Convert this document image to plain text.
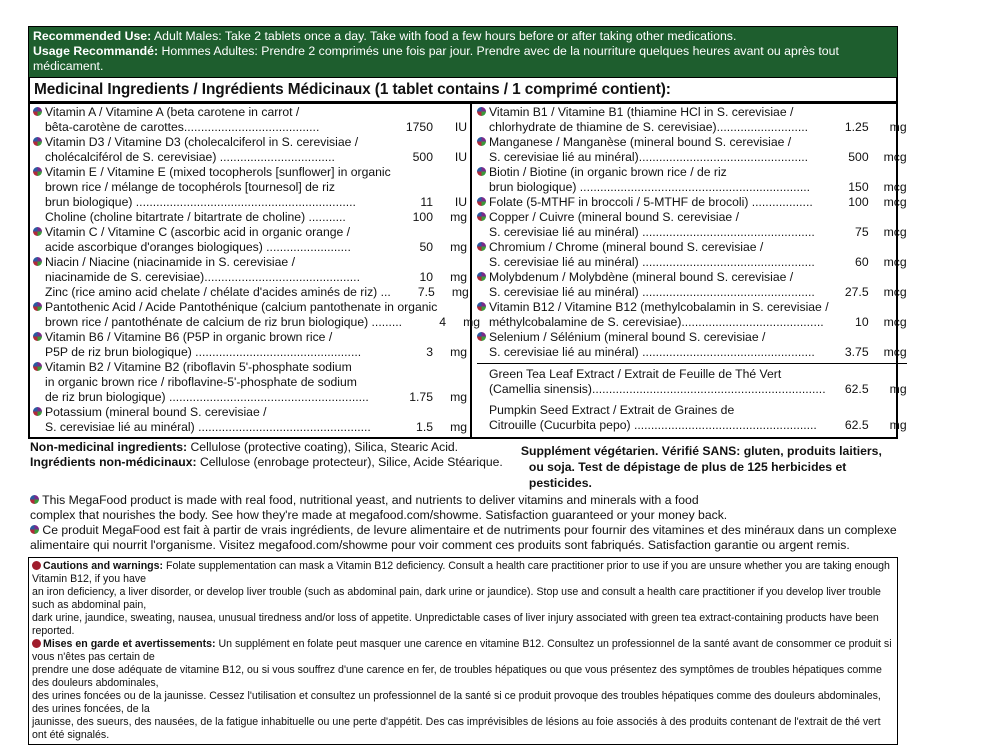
Recommended Use: Adult Males: Take 2 tablets once a day. Take with food a few hours before or after taking other medications.
Usage Recommandé: Hommes Adultes: Prendre 2 comprimés une fois par jour. Prendre avec de la nourriture quelques heures avant ou après tout médicament.
Medicinal Ingredients / Ingrédients Médicinaux (1 tablet contains / 1 comprimé contient):
Vitamin A / Vitamine A (beta carotene in carrot /
bêta-carotène de carottes........................................	1750	IU
Vitamin D3 / Vitamine D3 (cholecalciferol in S. cerevisiae /
cholécalciférol de S. cerevisiae) ..................................	500	IU
Vitamin E / Vitamine E (mixed tocopherols [sunflower] in organic
brown rice / mélange de tocophérols [tournesol] de riz
brun biologique) .................................................................	11	IU
Choline (choline bitartrate / bitartrate de choline) ...........	100	mg
Vitamin C / Vitamine C (ascorbic acid in organic orange /
acide ascorbique d'oranges biologiques) .........................	50	mg
Niacin / Niacine (niacinamide in S. cerevisiae /
niacinamide de S. cerevisiae)..............................................	10	mg
Zinc (rice amino acid chelate / chélate d'acides aminés de riz) ...	7.5	mg
Pantothenic Acid / Acide Pantothénique (calcium pantothenate in organic
brown rice / pantothénate de calcium de riz brun biologique) .........	4	mg
Vitamin B6 / Vitamine B6 (P5P in organic brown rice /
P5P de riz brun biologique) .................................................	3	mg
Vitamin B2 / Vitamine B2 (riboflavin 5'-phosphate sodium
in organic brown rice / riboflavine-5'-phosphate de sodium
de riz brun biologique) ...........................................................	1.75	mg
Potassium (mineral bound S. cerevisiae /
S. cerevisiae lié au minéral) ...................................................	1.5	mg
Vitamin B1 / Vitamine B1 (thiamine HCl in S. cerevisiae /
chlorhydrate de thiamine de S. cerevisiae)...........................	1.25	mg
Manganese / Manganèse (mineral bound S. cerevisiae /
S. cerevisiae lié au minéral)..................................................	500	mcg
Biotin / Biotine (in organic brown rice / de riz
brun biologique) ....................................................................	150	mcg
Folate (5-MTHF in broccoli / 5-MTHF de brocoli) ..................	100	mcg
Copper / Cuivre (mineral bound S. cerevisiae /
S. cerevisiae lié au minéral) ...................................................	75	mcg
Chromium / Chrome (mineral bound S. cerevisiae /
S. cerevisiae lié au minéral) ...................................................	60	mcg
Molybdenum / Molybdène (mineral bound S. cerevisiae /
S. cerevisiae lié au minéral) ...................................................	27.5	mcg
Vitamin B12 / Vitamine B12 (methylcobalamin in S. cerevisiae /
méthylcobalamine de S. cerevisiae)..........................................	10	mcg
Selenium / Sélénium (mineral bound S. cerevisiae /
S. cerevisiae lié au minéral) ...................................................	3.75	mcg
Green Tea Leaf Extract / Extrait de Feuille de Thé Vert
(Camellia sinensis).....................................................................	62.5	mg
Pumpkin Seed Extract / Extrait de Graines de
Citrouille (Cucurbita pepo) ......................................................	62.5	mg
Non-medicinal ingredients: Cellulose (protective coating), Silica, Stearic Acid.
Ingrédients non-médicinaux: Cellulose (enrobage protecteur), Silice, Acide Stéarique.
Supplément végétarien. Vérifié SANS: gluten, produits laitiers,
ou soja. Test de dépistage de plus de 125 herbicides et pesticides.
This MegaFood product is made with real food, nutritional yeast, and nutrients to deliver vitamins and minerals with a food
complex that nourishes the body. See how they're made at megafood.com/showme. Satisfaction guaranteed or your money back.
Ce produit MegaFood est fait à partir de vrais ingrédients, de levure alimentaire et de nutriments pour fournir des vitamines et des minéraux dans un complexe
alimentaire qui nourrit l'organisme. Visitez megafood.com/showme pour voir comment ces produits sont fabriqués. Satisfaction garantie ou argent remis.
Cautions and warnings: Folate supplementation can mask a Vitamin B12 deficiency. Consult a health care practitioner prior to use if you are unsure whether you are taking enough Vitamin B12, if you have
an iron deficiency, a liver disorder, or develop liver trouble (such as abdominal pain, dark urine or jaundice). Stop use and consult a health care practitioner if you develop liver trouble such as abdominal pain,
dark urine, jaundice, sweating, nausea, unusual tiredness and/or loss of appetite. Unpredictable cases of liver injury associated with green tea extract-containing products have been reported.
Mises en garde et avertissements: Un supplément en folate peut masquer une carence en vitamine B12. Consultez un professionnel de la santé avant de consommer ce produit si vous n'êtes pas certain de
prendre une dose adéquate de vitamine B12, ou si vous souffrez d'une carence en fer, de troubles hépatiques ou que vous présentez des symptômes de troubles hépatiques comme des douleurs abdominales,
des urines foncées ou de la jaunisse. Cessez l'utilisation et consultez un professionnel de la santé si ce produit provoque des troubles hépatiques comme des douleurs abdominales, des urines foncées, de la
jaunisse, des sueurs, des nausées, de la fatigue inhabituelle ou une perte d'appétit. Des cas imprévisibles de lésions au foie associés à des produits contenant de l'extrait de thé vert ont été signalés.
